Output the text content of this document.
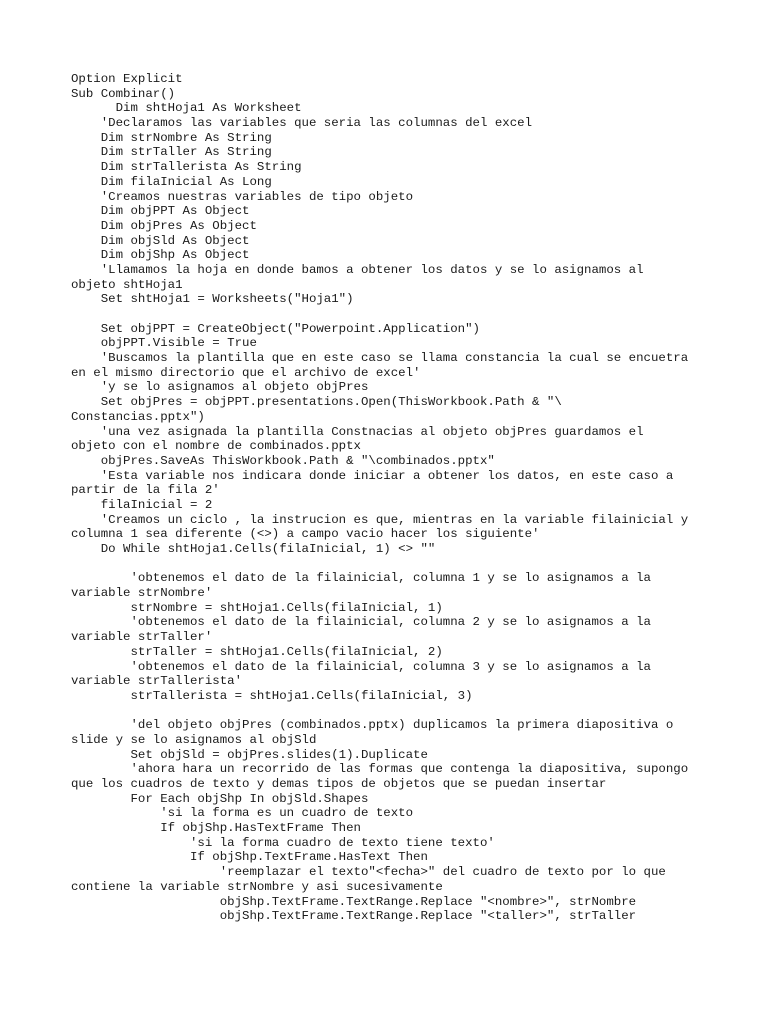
Option Explicit
Sub Combinar()
Dim shtHoja1 As Worksheet
'Declaramos las variables que seria las columnas del excel
Dim strNombre As String
Dim strTaller As String
Dim strTallerista As String
Dim filaInicial As Long
'Creamos nuestras variables de tipo objeto
Dim objPPT As Object
Dim objPres As Object
Dim objSld As Object
Dim objShp As Object
'Llamamos la hoja en donde bamos a obtener los datos y se lo asignamos al
objeto shtHoja1
Set shtHoja1 = Worksheets("Hoja1")
Set objPPT = CreateObject("Powerpoint.Application")
objPPT.Visible = True
'Buscamos la plantilla que en este caso se llama constancia la cual se encuetra
en el mismo directorio que el archivo de excel'
'y se lo asignamos al objeto objPres
Set objPres = objPPT.presentations.Open(ThisWorkbook.Path & "\
Constancias.pptx")
'una vez asignada la plantilla Constnacias al objeto objPres guardamos el
objeto con el nombre de combinados.pptx
objPres.SaveAs ThisWorkbook.Path & "\combinados.pptx"
'Esta variable nos indicara donde iniciar a obtener los datos, en este caso a
partir de la fila 2'
filaInicial = 2
'Creamos un ciclo , la instrucion es que, mientras en la variable filainicial y
columna 1 sea diferente (<>) a campo vacio hacer los siguiente'
Do While shtHoja1.Cells(filaInicial, 1) <> ""
'obtenemos el dato de la filainicial, columna 1 y se lo asignamos a la
variable strNombre'
strNombre = shtHoja1.Cells(filaInicial, 1)
'obtenemos el dato de la filainicial, columna 2 y se lo asignamos a la
variable strTaller'
strTaller = shtHoja1.Cells(filaInicial, 2)
'obtenemos el dato de la filainicial, columna 3 y se lo asignamos a la
variable strTallerista'
strTallerista = shtHoja1.Cells(filaInicial, 3)
'del objeto objPres (combinados.pptx) duplicamos la primera diapositiva o
slide y se lo asignamos al objSld
Set objSld = objPres.slides(1).Duplicate
'ahora hara un recorrido de las formas que contenga la diapositiva, supongo
que los cuadros de texto y demas tipos de objetos que se puedan insertar
For Each objShp In objSld.Shapes
'si la forma es un cuadro de texto
If objShp.HasTextFrame Then
'si la forma cuadro de texto tiene texto'
If objShp.TextFrame.HasText Then
'reemplazar el texto"<fecha>" del cuadro de texto por lo que
contiene la variable strNombre y asi sucesivamente
objShp.TextFrame.TextRange.Replace "<nombre>", strNombre
objShp.TextFrame.TextRange.Replace "<taller>", strTaller
